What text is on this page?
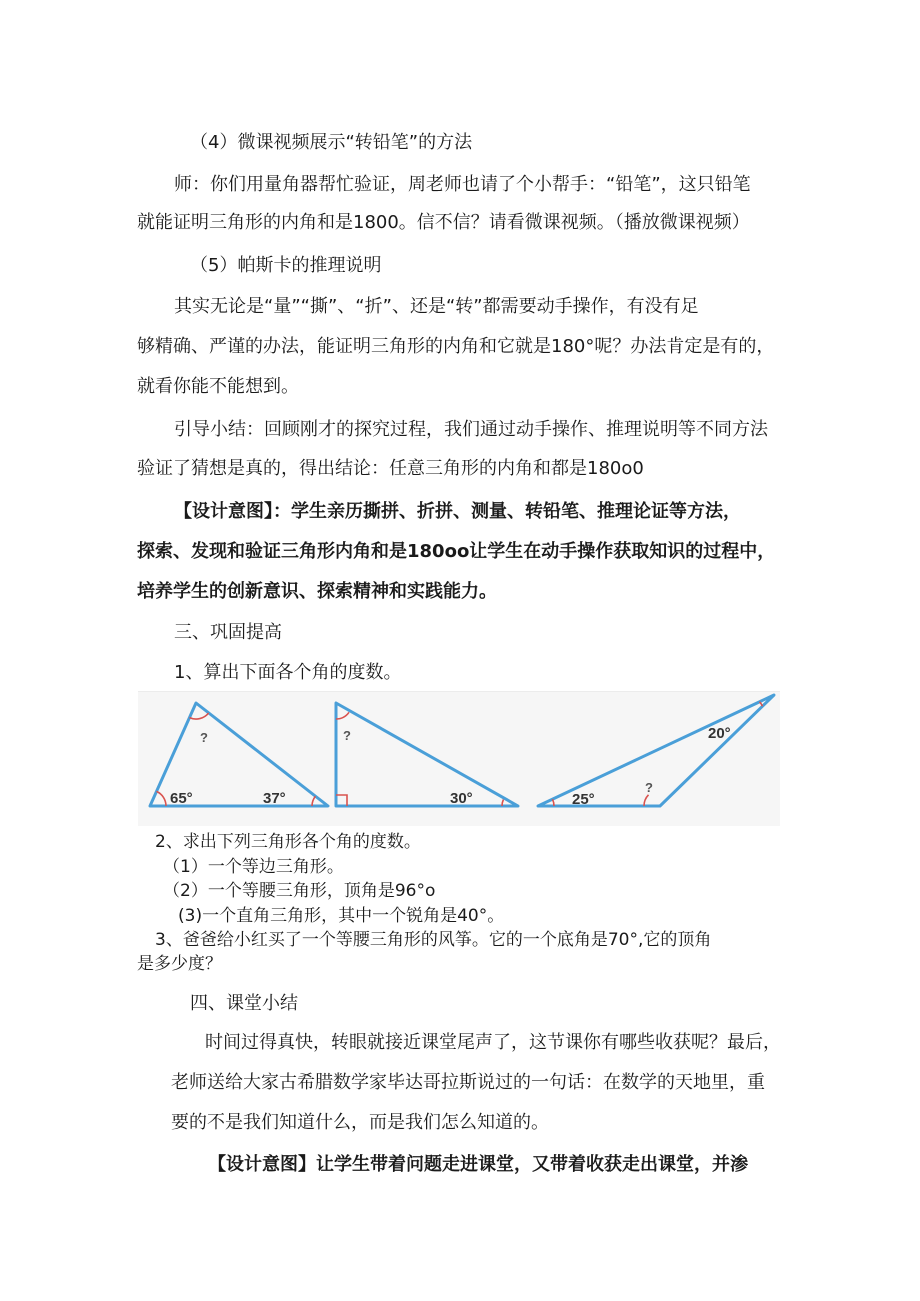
（4）微课视频展示“转铅笔”的方法
师：你们用量角器帮忙验证，周老师也请了个小帮手：“铅笔”，这只铅笔
就能证明三角形的内角和是1800。信不信？请看微课视频。（播放微课视频）
（5）帕斯卡的推理说明
其实无论是“量”“撕”、“折”、还是“转”都需要动手操作，有没有足
够精确、严谨的办法，能证明三角形的内角和它就是180°呢？办法肯定是有的，
就看你能不能想到。
引导小结：回顾刚才的探究过程，我们通过动手操作、推理说明等不同方法
验证了猜想是真的，得出结论：任意三角形的内角和都是180o0
【设计意图】：学生亲历撕拼、折拼、测量、转铅笔、推理论证等方法，
探索、发现和验证三角形内角和是180oo让学生在动手操作获取知识的过程中，
培养学生的创新意识、探索精神和实践能力。
三、巩固提高
1、算出下面各个角的度数。
?
65°	37°
?
30°
?
20°
25°
2、求出下列三角形各个角的度数。
（1）一个等边三角形。
（2）一个等腰三角形，顶角是96°o
(3)一个直角三角形，其中一个锐角是40°。
3、爸爸给小红买了一个等腰三角形的风筝。它的一个底角是70°,它的顶角
是多少度？
四、课堂小结
时间过得真快，转眼就接近课堂尾声了，这节课你有哪些收获呢？最后，
老师送给大家古希腊数学家毕达哥拉斯说过的一句话：在数学的天地里，重
要的不是我们知道什么，而是我们怎么知道的。
【设计意图】让学生带着问题走进课堂，又带着收获走出课堂，并渗
